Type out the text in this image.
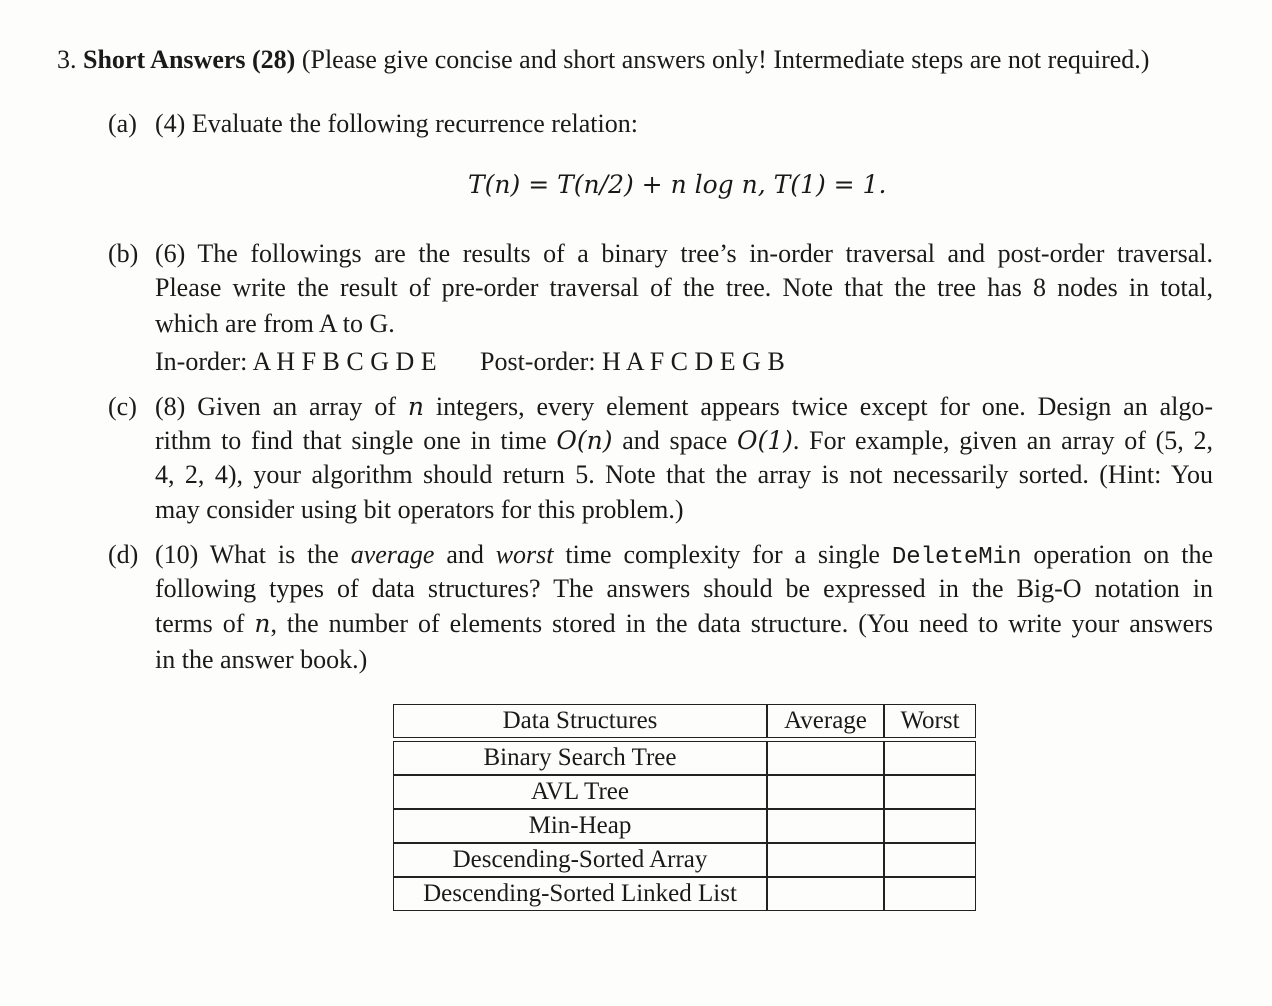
3. Short Answers (28) (Please give concise and short answers only! Intermediate steps are not required.)
(a) (4) Evaluate the following recurrence relation:
T(n) = T(n/2) + n log n, T(1) = 1.
(b) (6) The followings are the results of a binary tree’s in-order traversal and post-order traversal.
Please write the result of pre-order traversal of the tree. Note that the tree has 8 nodes in total,
which are from A to G.
In-order: A H F B C G D E Post-order: H A F C D E G B
(c) (8) Given an array of n integers, every element appears twice except for one. Design an algo-
rithm to find that single one in time O(n) and space O(1). For example, given an array of (5, 2,
4, 2, 4), your algorithm should return 5. Note that the array is not necessarily sorted. (Hint: You
may consider using bit operators for this problem.)
(d) (10) What is the average and worst time complexity for a single DeleteMin operation on the
following types of data structures? The answers should be expressed in the Big-O notation in
terms of n, the number of elements stored in the data structure. (You need to write your answers
in the answer book.)
Data Structures	Average	Worst

Binary Search Tree		
AVL Tree		
Min-Heap		
Descending-Sorted Array		
Descending-Sorted Linked List		
